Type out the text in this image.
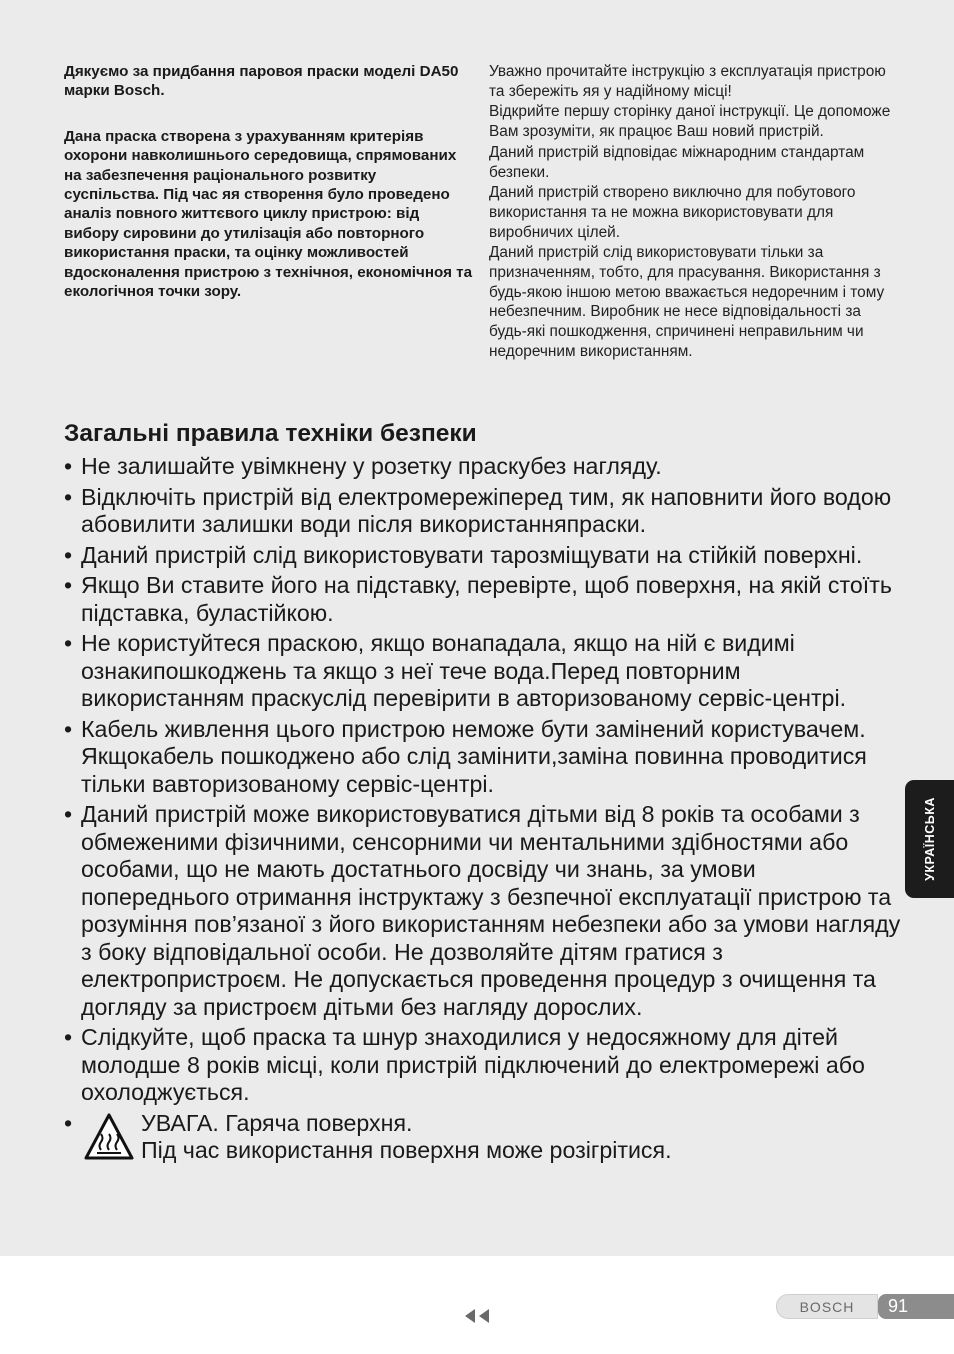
Дякуємо за придбання паровоя праски моделі DA50 марки Bosch.

Дана праска створена з урахуванням критеріяв охорони навколишнього середовища, спрямованих на забезпечення раціонального розвитку суспільства. Під час яя створення було проведено аналіз повного життєвого циклу пристрою: від вибору сировини до утилізація або повторного використання праски, та оцінку можливостей вдосконалення пристрою з технічноя, економічноя та екологічноя точки зору.

Уважно прочитайте інструкцію з експлуатація пристрою та збережіть яя у надійному місці!

Відкрийте першу сторінку даноï інструкціï. Це допоможе Вам зрозуміти, як працює Ваш новий пристрій.

Даний пристрій відповідає міжнародним стандартам безпеки.

Даний пристрій створено виключно для побутового використання та не можна використовувати для виробничих цілей.

Даний пристрій слід використовувати тільки за призначенням, тобто, для прасування. Використання з будь-якою іншою метою вважається недоречним і тому небезпечним. Виробник не несе відповідальності за будь-які пошкодження, спричинені неправильним чи недоречним використанням.

Загальні правила техніки безпеки
• Не залишайте увімкнену у розетку праскубез нагляду.
• Відключіть пристрій від електромережіперед тим, як наповнити його водою абовилити залишки води після використанняпраски.
• Даний пристрій слід використовувати тарозміщувати на стійкій поверхні.
• Якщо Ви ставите його на підставку, перевірте, щоб поверхня, на якій стоïть підставка, буластійкою.
• Не користуйтеся праскою, якщо вонападала, якщо на ній є видимі ознакипошкоджень та якщо з неï тече вода.Перед повторним використанням праскуслід перевірити в авторизованому сервіс-центрі.
• Кабель живлення цього пристрою неможе бути замінений користувачем. Якщокабель пошкоджено або слід замінити,заміна повинна проводитися тільки вавторизованому сервіс-центрі.
• Даний пристрій може використовуватися дітьми від 8 років та особами з обмеженими фізичними, сенсорними чи ментальними здібностями або особами, що не мають достатнього досвіду чи знань, за умови попереднього отримання інструктажу з безпечноï експлуатаціï пристрою та розуміння пов’язаноï з його використанням небезпеки або за умови нагляду з боку відповідальноï особи. Не дозволяйте дітям гратися з електропристроєм. Не допускається проведення процедур з очищення та догляду за пристроєм дітьми без нагляду дорослих.
• Слідкуйте, щоб праска та шнур знаходилися у недосяжному для дітей молодше 8 років місці, коли пристрій підключений до електромережі або охолоджується.
•	УВАГА. Гаряча поверхня.
Під час використання поверхня може розігрітися.
УКРАЇНСЬКА
BOSCH	91
